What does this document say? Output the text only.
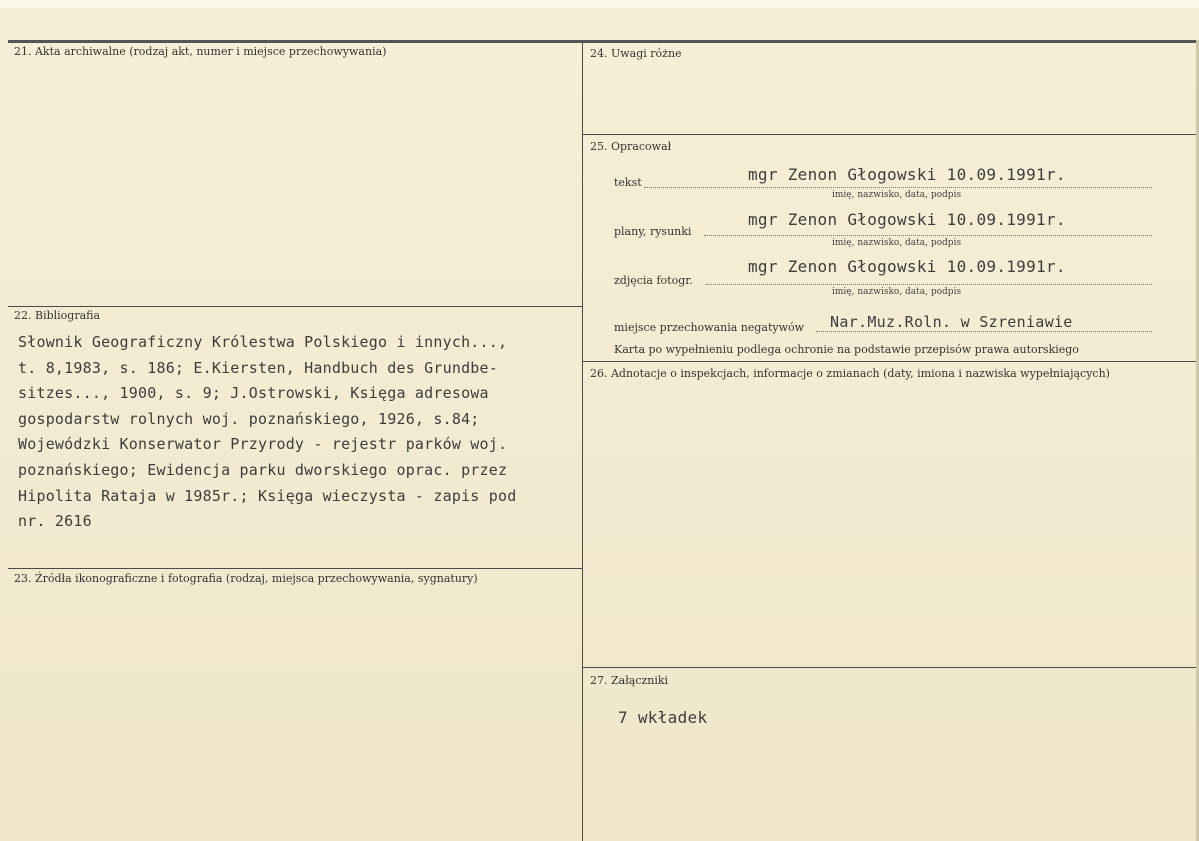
21. Akta archiwalne (rodzaj akt, numer i miejsce przechowywania)
22. Bibliografia
Słownik Geograficzny Królestwa Polskiego i innych...,
t. 8,1983, s. 186; E.Kiersten, Handbuch des Grundbe-
sitzes..., 1900, s. 9; J.Ostrowski, Księga adresowa
gospodarstw rolnych woj. poznańskiego, 1926, s.84;
Wojewódzki Konserwator Przyrody - rejestr parków woj.
poznańskiego; Ewidencja parku dworskiego oprac. przez
Hipolita Rataja w 1985r.; Księga wieczysta - zapis pod
nr. 2616
23. Źródła ikonograficzne i fotografia (rodzaj, miejsca przechowywania, sygnatury)
24. Uwagi różne
25. Opracował
tekst	mgr Zenon Głogowski 10.09.1991r.
imię, nazwisko, data, podpis
plany, rysunki
mgr Zenon Głogowski 10.09.1991r.
imię, nazwisko, data, podpis
zdjęcia fotogr.
mgr Zenon Głogowski 10.09.1991r.
imię, nazwisko, data, podpis
miejsce przechowania negatywów Nar.Muz.Roln. w Szreniawie
Karta po wypełnieniu podlega ochronie na podstawie przepisów prawa autorskiego
26. Adnotacje o inspekcjach, informacje o zmianach (daty, imiona i nazwiska wypełniających)
27. Załączniki
7 wkładek
